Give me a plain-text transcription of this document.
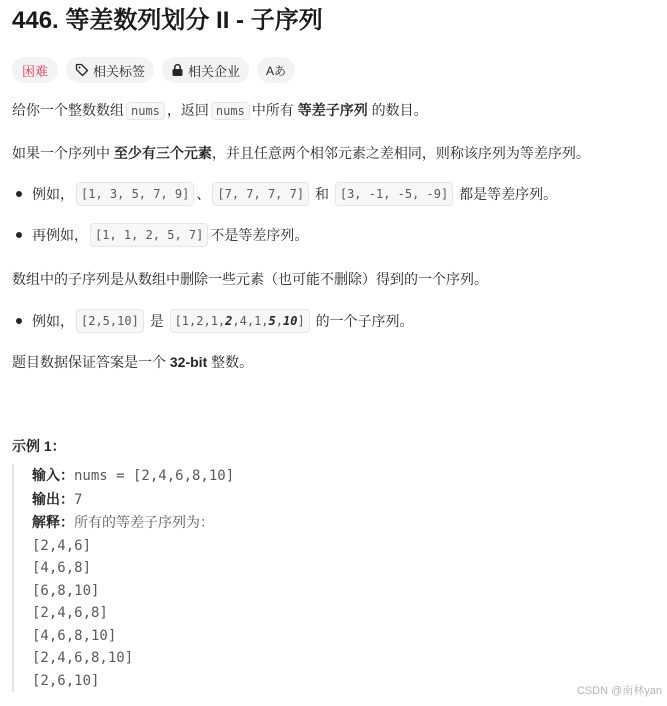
446. 等差数列划分 II - 子序列
困难	相关标签	相关企业 Aあ

给你一个整数数组 nums ，返回 nums 中所有 等差子序列 的数目。

如果一个序列中 至少有三个元素，并且任意两个相邻元素之差相同，则称该序列为等差序列。

例如， [1, 3, 5, 7, 9] 、 [7, 7, 7, 7]
和
[3, -1, -5, -9]
都是等差序列。
再例如， [1, 1, 2, 5, 7] 不是等差序列。

数组中的子序列是从数组中删除一些元素（也可能不删除）得到的一个序列。

例如， [2,5,10]
是
[1,2,1,2,4,1,5,10]
的一个子序列。

题目数据保证答案是一个 32-bit 整数。

示例 1：

输入：nums = [2,4,6,8,10]
输出：7
解释：所有的等差子序列为：
[2,4,6]
[4,6,8]
[6,8,10]
[2,4,6,8]
[4,6,8,10]
[2,4,6,8,10]
[2,6,10]
CSDN @南林yan
